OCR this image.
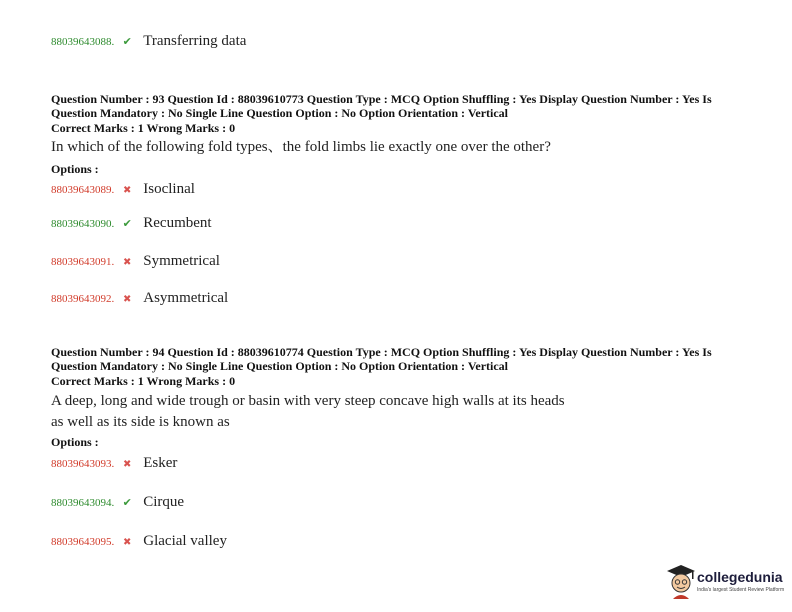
88039643088. ✔ Transferring data
Question Number : 93 Question Id : 88039610773 Question Type : MCQ Option Shuffling : Yes Display Question Number : Yes Is
Question Mandatory : No Single Line Question Option : No Option Orientation : Vertical
Correct Marks : 1 Wrong Marks : 0
In which of the following fold types、the fold limbs lie exactly one over the other?
Options :
88039643089. ✖ Isoclinal
88039643090. ✔ Recumbent
88039643091. ✖ Symmetrical
88039643092. ✖ Asymmetrical
Question Number : 94 Question Id : 88039610774 Question Type : MCQ Option Shuffling : Yes Display Question Number : Yes Is
Question Mandatory : No Single Line Question Option : No Option Orientation : Vertical
Correct Marks : 1 Wrong Marks : 0
A deep, long and wide trough or basin with very steep concave high walls at its heads
as well as its side is known as
Options :
88039643093. ✖ Esker
88039643094. ✔ Cirque
88039643095. ✖ Glacial valley
collegedunia
India's largest Student Review Platform
